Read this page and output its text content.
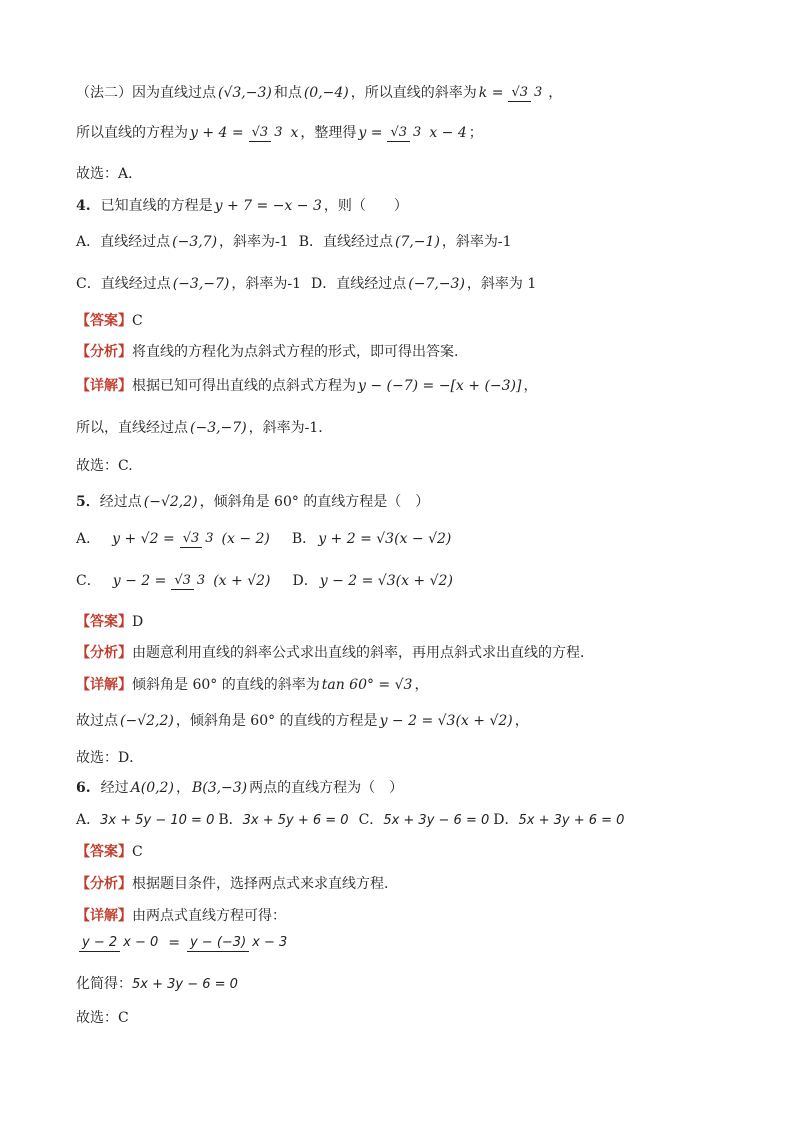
（法二）因为直线过点 (√3,−3) 和点 (0,−4) ，所以直线的斜率为 k = √3 3 ，
所以直线的方程为 y + 4 = √3 3 x ，整理得 y = √3 3 x − 4 ；
故选：A．
4. 已知直线的方程是 y + 7 = −x − 3 ，则（　　）
A．直线经过点 (−3,7) ，斜率为-1 B．直线经过点 (7,−1) ，斜率为-1
C．直线经过点 (−3,−7) ，斜率为-1 D．直线经过点 (−7,−3) ，斜率为 1
【答案】 C
【分析】 将直线的方程化为点斜式方程的形式，即可得出答案.
【详解】 根据已知可得出直线的点斜式方程为 y − (−7) = −[x + (−3)] ，
所以，直线经过点 (−3,−7) ，斜率为-1.
故选：C.
5． 经过点 (−√2,2) ，倾斜角是 60° 的直线方程是（　）
A． y + √2 = √3 3 (x − 2) B． y + 2 = √3(x − √2)
C． y − 2 = √3 3 (x + √2) D． y − 2 = √3(x + √2)
【答案】 D
【分析】 由题意利用直线的斜率公式求出直线的斜率，再用点斜式求出直线的方程．
【详解】 倾斜角是 60° 的直线的斜率为 tan 60° = √3 ，
故过点 (−√2,2) ，倾斜角是 60° 的直线的方程是 y − 2 = √3(x + √2) ，
故选：D．
6. 经过 A(0,2) ， B(3,−3) 两点的直线方程为（　）
A． 3x + 5y − 10 = 0 B． 3x + 5y + 6 = 0 C． 5x + 3y − 6 = 0 D． 5x + 3y + 6 = 0
【答案】 C
【分析】 根据题目条件，选择两点式来求直线方程.
【详解】 由两点式直线方程可得：
y − 2 x − 0 = y − (−3) x − 3
化简得： 5x + 3y − 6 = 0
故选：C
